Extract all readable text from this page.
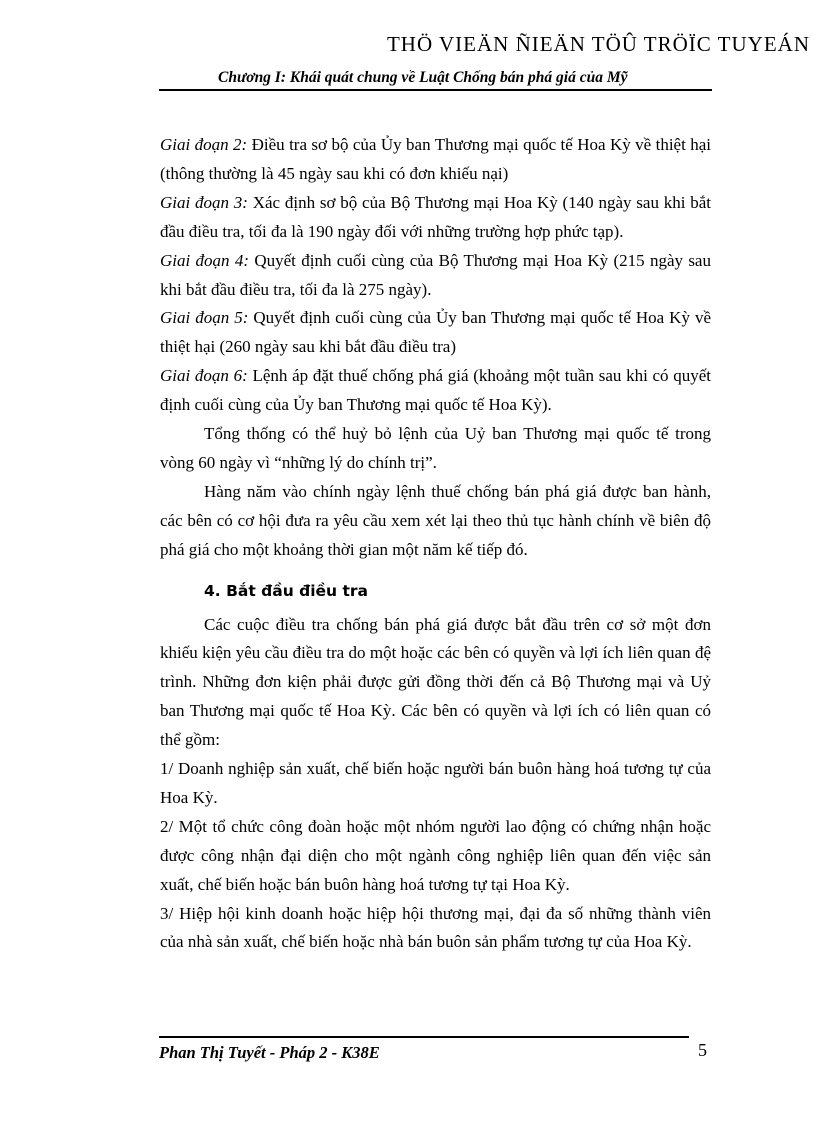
THÖ VIEÄN ÑIEÄN TÖÛ TRÖÏC TUYEÁN
Chương I: Khái quát chung về Luật Chống bán phá giá của Mỹ

Giai đoạn 2: Điều tra sơ bộ của Ủy ban Thương mại quốc tế Hoa Kỳ về thiệt hại (thông thường là 45 ngày sau khi có đơn khiếu nại)

Giai đoạn 3: Xác định sơ bộ của Bộ Thương mại Hoa Kỳ (140 ngày sau khi bắt đầu điều tra, tối đa là 190 ngày đối với những trường hợp phức tạp).

Giai đoạn 4: Quyết định cuối cùng của Bộ Thương mại Hoa Kỳ (215 ngày sau khi bắt đầu điều tra, tối đa là 275 ngày).

Giai đoạn 5: Quyết định cuối cùng của Ủy ban Thương mại quốc tế Hoa Kỳ về thiệt hại (260 ngày sau khi bắt đầu điều tra)

Giai đoạn 6: Lệnh áp đặt thuế chống phá giá (khoảng một tuần sau khi có quyết định cuối cùng của Ủy ban Thương mại quốc tế Hoa Kỳ).

Tổng thống có thể huỷ bỏ lệnh của Uỷ ban Thương mại quốc tế trong vòng 60 ngày vì “những lý do chính trị”.

Hàng năm vào chính ngày lệnh thuế chống bán phá giá được ban hành, các bên có cơ hội đưa ra yêu cầu xem xét lại theo thủ tục hành chính về biên độ phá giá cho một khoảng thời gian một năm kế tiếp đó.

4. Bắt đầu điều tra

Các cuộc điều tra chống bán phá giá được bắt đầu trên cơ sở một đơn khiếu kiện yêu cầu điều tra do một hoặc các bên có quyền và lợi ích liên quan đệ trình. Những đơn kiện phải được gửi đồng thời đến cả Bộ Thương mại và Uỷ ban Thương mại quốc tế Hoa Kỳ. Các bên có quyền và lợi ích có liên quan có thể gồm:

1/ Doanh nghiệp sản xuất, chế biến hoặc người bán buôn hàng hoá tương tự của Hoa Kỳ.

2/ Một tổ chức công đoàn hoặc một nhóm người lao động có chứng nhận hoặc được công nhận đại diện cho một ngành công nghiệp liên quan đến việc sản xuất, chế biến hoặc bán buôn hàng hoá tương tự tại Hoa Kỳ.

3/ Hiệp hội kinh doanh hoặc hiệp hội thương mại, đại đa số những thành viên của nhà sản xuất, chế biến hoặc nhà bán buôn sản phẩm tương tự của Hoa Kỳ.

Phan Thị Tuyết - Pháp 2 - K38E	5
